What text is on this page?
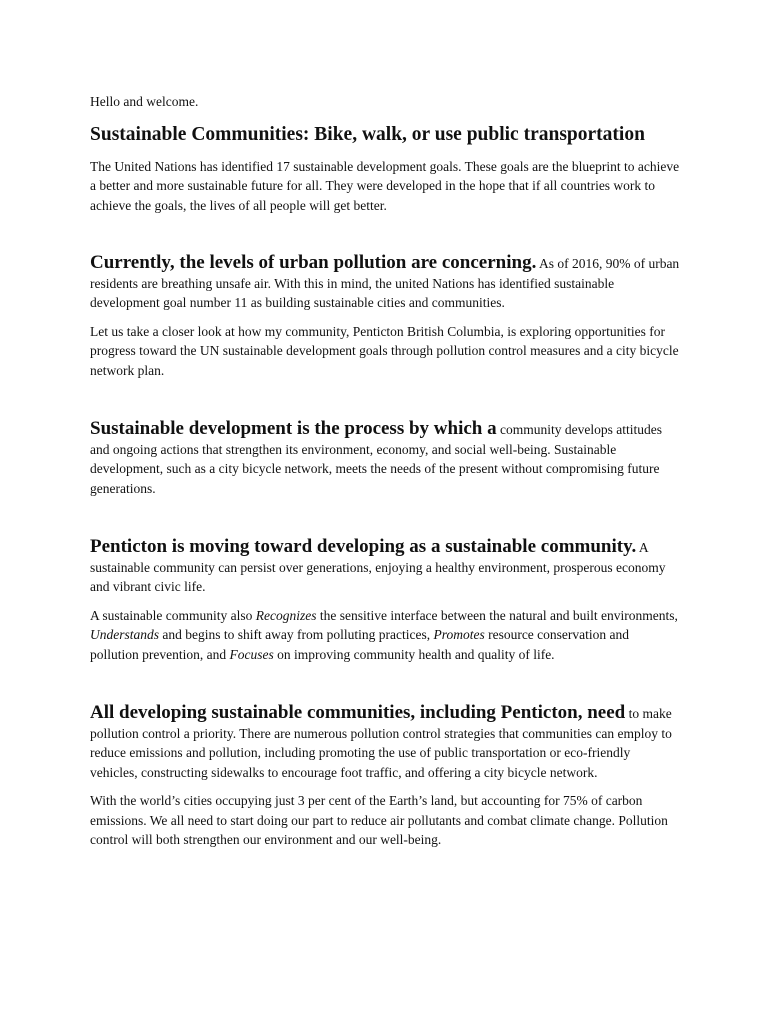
Hello and welcome.

Sustainable Communities: Bike, walk, or use public transportation

The United Nations has identified 17 sustainable development goals. These goals are the blueprint to achieve a better and more sustainable future for all. They were developed in the hope that if all countries work to achieve the goals, the lives of all people will get better.

Currently, the levels of urban pollution are concerning. As of 2016, 90% of urban residents are breathing unsafe air. With this in mind, the united Nations has identified sustainable development goal number 11 as building sustainable cities and communities.

Let us take a closer look at how my community, Penticton British Columbia, is exploring opportunities for progress toward the UN sustainable development goals through pollution control measures and a city bicycle network plan.

Sustainable development is the process by which a community develops attitudes and ongoing actions that strengthen its environment, economy, and social well-being. Sustainable development, such as a city bicycle network, meets the needs of the present without compromising future generations.

Penticton is moving toward developing as a sustainable community. A sustainable community can persist over generations, enjoying a healthy environment, prosperous economy and vibrant civic life.

A sustainable community also Recognizes the sensitive interface between the natural and built environments, Understands and begins to shift away from polluting practices, Promotes resource conservation and pollution prevention, and Focuses on improving community health and quality of life.

All developing sustainable communities, including Penticton, need to make pollution control a priority. There are numerous pollution control strategies that communities can employ to reduce emissions and pollution, including promoting the use of public transportation or eco-friendly vehicles, constructing sidewalks to encourage foot traffic, and offering a city bicycle network.

With the world’s cities occupying just 3 per cent of the Earth’s land, but accounting for 75% of carbon emissions. We all need to start doing our part to reduce air pollutants and combat climate change. Pollution control will both strengthen our environment and our well-being.
